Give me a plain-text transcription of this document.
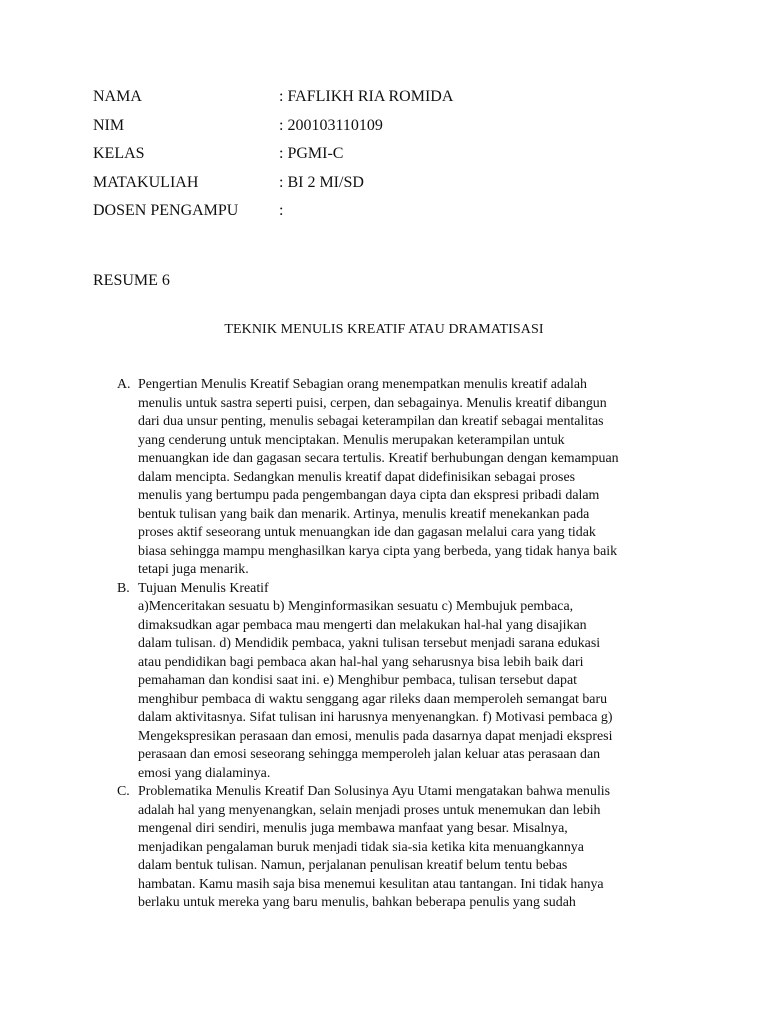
NAMA	: FAFLIKH RIA ROMIDA
NIM	: 200103110109
KELAS	: PGMI-C
MATAKULIAH	: BI 2 MI/SD
DOSEN PENGAMPU	:
RESUME 6
TEKNIK MENULIS KREATIF ATAU DRAMATISASI
A. Pengertian Menulis Kreatif Sebagian orang menempatkan menulis kreatif adalah
menulis untuk sastra seperti puisi, cerpen, dan sebagainya. Menulis kreatif dibangun
dari dua unsur penting, menulis sebagai keterampilan dan kreatif sebagai mentalitas
yang cenderung untuk menciptakan. Menulis merupakan keterampilan untuk
menuangkan ide dan gagasan secara tertulis. Kreatif berhubungan dengan kemampuan
dalam mencipta. Sedangkan menulis kreatif dapat didefinisikan sebagai proses
menulis yang bertumpu pada pengembangan daya cipta dan ekspresi pribadi dalam
bentuk tulisan yang baik dan menarik. Artinya, menulis kreatif menekankan pada
proses aktif seseorang untuk menuangkan ide dan gagasan melalui cara yang tidak
biasa sehingga mampu menghasilkan karya cipta yang berbeda, yang tidak hanya baik
tetapi juga menarik.
B. Tujuan Menulis Kreatif
a)Menceritakan sesuatu b) Menginformasikan sesuatu c) Membujuk pembaca,
dimaksudkan agar pembaca mau mengerti dan melakukan hal-hal yang disajikan
dalam tulisan. d) Mendidik pembaca, yakni tulisan tersebut menjadi sarana edukasi
atau pendidikan bagi pembaca akan hal-hal yang seharusnya bisa lebih baik dari
pemahaman dan kondisi saat ini. e) Menghibur pembaca, tulisan tersebut dapat
menghibur pembaca di waktu senggang agar rileks daan memperoleh semangat baru
dalam aktivitasnya. Sifat tulisan ini harusnya menyenangkan. f) Motivasi pembaca g)
Mengekspresikan perasaan dan emosi, menulis pada dasarnya dapat menjadi ekspresi
perasaan dan emosi seseorang sehingga memperoleh jalan keluar atas perasaan dan
emosi yang dialaminya.
C. Problematika Menulis Kreatif Dan Solusinya Ayu Utami mengatakan bahwa menulis
adalah hal yang menyenangkan, selain menjadi proses untuk menemukan dan lebih
mengenal diri sendiri, menulis juga membawa manfaat yang besar. Misalnya,
menjadikan pengalaman buruk menjadi tidak sia-sia ketika kita menuangkannya
dalam bentuk tulisan. Namun, perjalanan penulisan kreatif belum tentu bebas
hambatan. Kamu masih saja bisa menemui kesulitan atau tantangan. Ini tidak hanya
berlaku untuk mereka yang baru menulis, bahkan beberapa penulis yang sudah
